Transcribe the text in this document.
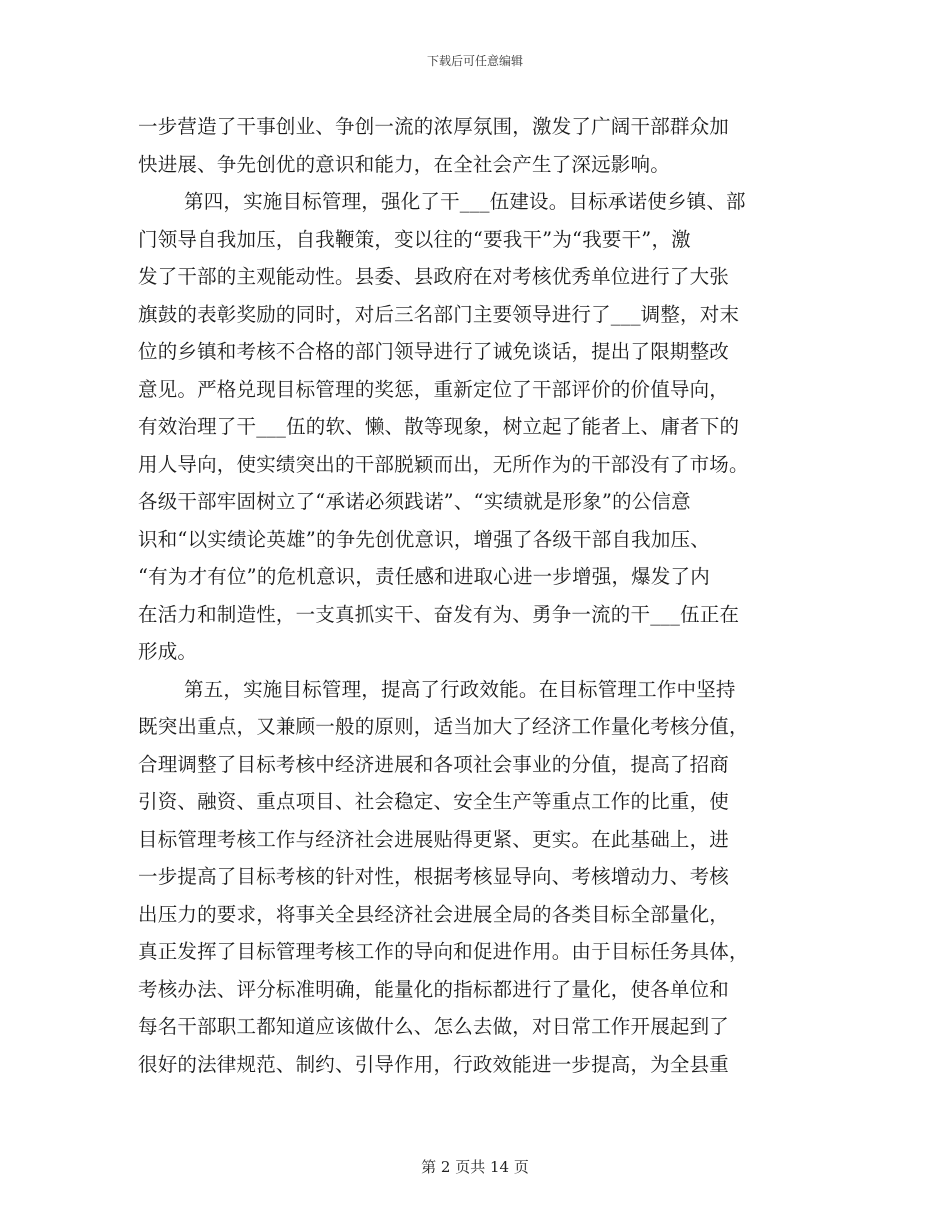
下载后可任意编辑
一步营造了干事创业、争创一流的浓厚氛围，激发了广阔干部群众加
快进展、争先创优的意识和能力，在全社会产生了深远影响。
第四，实施目标管理，强化了干___伍建设。目标承诺使乡镇、部
门领导自我加压，自我鞭策，变以往的“要我干”为“我要干”，激
发了干部的主观能动性。县委、县政府在对考核优秀单位进行了大张
旗鼓的表彰奖励的同时，对后三名部门主要领导进行了___调整，对末
位的乡镇和考核不合格的部门领导进行了诫免谈话，提出了限期整改
意见。严格兑现目标管理的奖惩，重新定位了干部评价的价值导向，
有效治理了干___伍的软、懒、散等现象，树立起了能者上、庸者下的
用人导向，使实绩突出的干部脱颖而出，无所作为的干部没有了市场。
各级干部牢固树立了“承诺必须践诺”、“实绩就是形象”的公信意
识和“以实绩论英雄”的争先创优意识，增强了各级干部自我加压、
“有为才有位”的危机意识，责任感和进取心进一步增强，爆发了内
在活力和制造性，一支真抓实干、奋发有为、勇争一流的干___伍正在
形成。
第五，实施目标管理，提高了行政效能。在目标管理工作中坚持
既突出重点，又兼顾一般的原则，适当加大了经济工作量化考核分值，
合理调整了目标考核中经济进展和各项社会事业的分值，提高了招商
引资、融资、重点项目、社会稳定、安全生产等重点工作的比重，使
目标管理考核工作与经济社会进展贴得更紧、更实。在此基础上，进
一步提高了目标考核的针对性，根据考核显导向、考核增动力、考核
出压力的要求，将事关全县经济社会进展全局的各类目标全部量化，
真正发挥了目标管理考核工作的导向和促进作用。由于目标任务具体，
考核办法、评分标准明确，能量化的指标都进行了量化，使各单位和
每名干部职工都知道应该做什么、怎么去做，对日常工作开展起到了
很好的法律规范、制约、引导作用，行政效能进一步提高，为全县重
第 2 页共 14 页
